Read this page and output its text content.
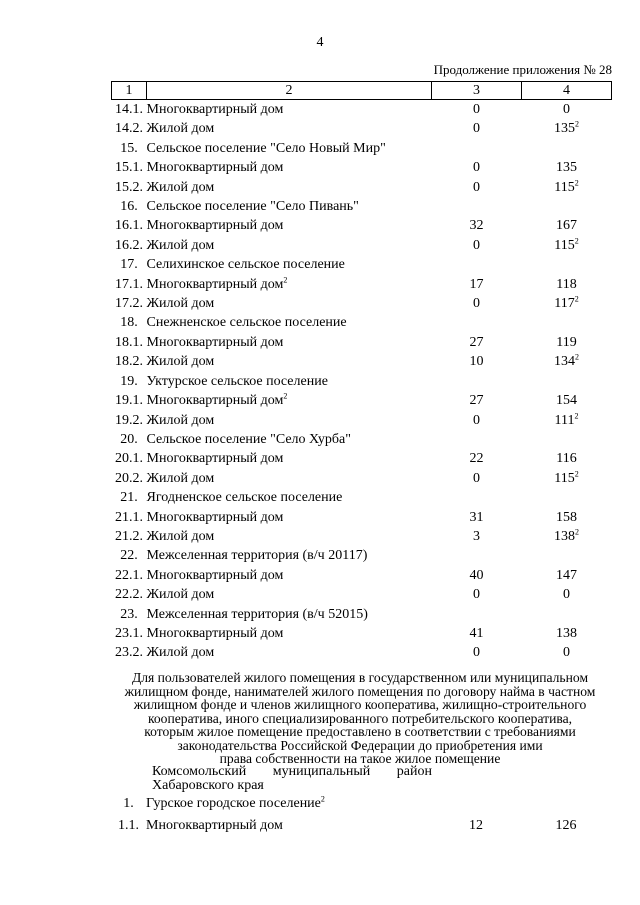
4
Продолжение приложения № 28
1	2	3	4
14.1.	Многоквартирный дом	0	0
14.2.	Жилой дом	0	$135^2$
15.	Сельское поселение "Село Новый Мир"		
15.1.	Многоквартирный дом	0	135
15.2.	Жилой дом	0	$115^2$
16.	Сельское поселение "Село Пивань"		
16.1.	Многоквартирный дом	32	167
16.2.	Жилой дом	0	$115^2$
17.	Селихинское сельское поселение		
17.1.	Многоквартирный дом$^2$	17	118
17.2.	Жилой дом	0	$117^2$
18.	Снежненское сельское поселение		
18.1.	Многоквартирный дом	27	119
18.2.	Жилой дом	10	$134^2$
19.	Уктурское сельское поселение		
19.1.	Многоквартирный дом$^2$	27	154
19.2.	Жилой дом	0	$111^2$
20.	Сельское поселение "Село Хурба"		
20.1.	Многоквартирный дом	22	116
20.2.	Жилой дом	0	$115^2$
21.	Ягодненское сельское поселение		
21.1.	Многоквартирный дом	31	158
21.2.	Жилой дом	3	$138^2$
22.	Межселенная территория (в/ч 20117)		
22.1.	Многоквартирный дом	40	147
22.2.	Жилой дом	0	0
23.	Межселенная территория (в/ч 52015)		
23.1.	Многоквартирный дом	41	138
23.2.	Жилой дом	0	0
Для пользователей жилого помещения в государственном или муниципальном
жилищном фонде, нанимателей жилого помещения по договору найма в частном
жилищном фонде и членов жилищного кооператива, жилищно-строительного
кооператива, иного специализированного потребительского кооператива,
которым жилое помещение предоставлено в соответствии с требованиями
законодательства Российской Федерации до приобретения ими
права собственности на такое жилое помещение
Комсомольский муниципальный район
Хабаровского края
1.	Гурское городское поселение$^2$		
1.1.	Многоквартирный дом	12	126
